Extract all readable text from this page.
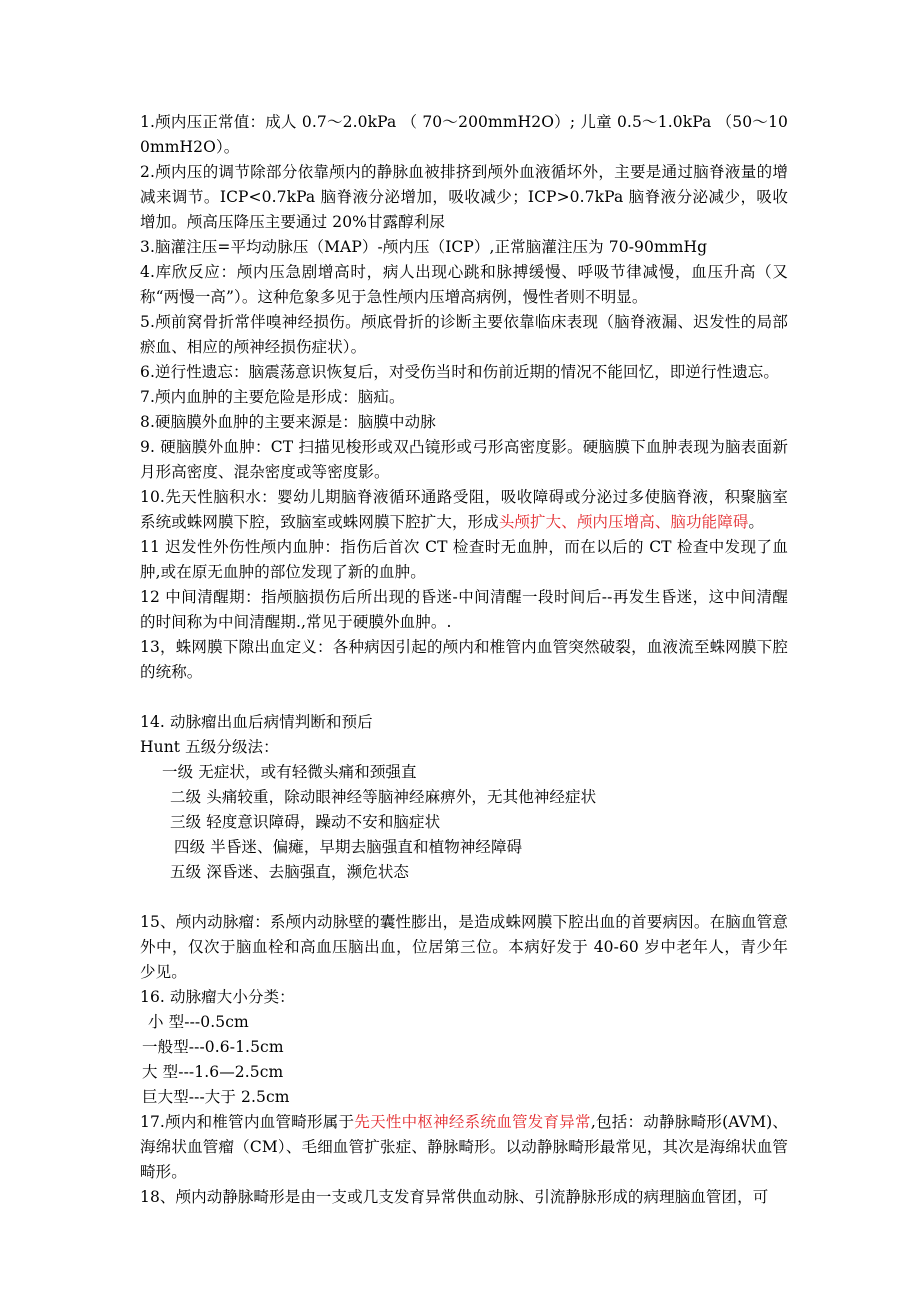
1.颅内压正常值：成人 0.7～2.0kPa （ 70～200mmH2O）; 儿童 0.5～1.0kPa （50～100mmH2O）。

2.颅内压的调节除部分依靠颅内的静脉血被排挤到颅外血液循坏外，主要是通过脑脊液量的增减来调节。ICP<0.7kPa 脑脊液分泌增加，吸收减少；ICP>0.7kPa 脑脊液分泌减少，吸收增加。颅高压降压主要通过 20%甘露醇利尿

3.脑灌注压=平均动脉压（MAP）-颅内压（ICP）,正常脑灌注压为 70-90mmHg

4.库欣反应：颅内压急剧增高时，病人出现心跳和脉搏缓慢、呼吸节律减慢，血压升高（又称“两慢一高”）。这种危象多见于急性颅内压增高病例，慢性者则不明显。

5.颅前窝骨折常伴嗅神经损伤。颅底骨折的诊断主要依靠临床表现（脑脊液漏、迟发性的局部瘀血、相应的颅神经损伤症状）。

6.逆行性遗忘：脑震荡意识恢复后，对受伤当时和伤前近期的情况不能回忆，即逆行性遗忘。

7.颅内血肿的主要危险是形成：脑疝。

8.硬脑膜外血肿的主要来源是：脑膜中动脉

9. 硬脑膜外血肿：CT 扫描见梭形或双凸镜形或弓形高密度影。硬脑膜下血肿表现为脑表面新月形高密度、混杂密度或等密度影。

10.先天性脑积水：婴幼儿期脑脊液循环通路受阻，吸收障碍或分泌过多使脑脊液，积聚脑室系统或蛛网膜下腔，致脑室或蛛网膜下腔扩大，形成头颅扩大、颅内压增高、脑功能障碍。

11 迟发性外伤性颅内血肿：指伤后首次 CT 检查时无血肿，而在以后的 CT 检查中发现了血肿,或在原无血肿的部位发现了新的血肿。

12 中间清醒期：指颅脑损伤后所出现的昏迷-中间清醒一段时间后--再发生昏迷，这中间清醒的时间称为中间清醒期.,常见于硬膜外血肿。.

13，蛛网膜下隙出血定义：各种病因引起的颅内和椎管内血管突然破裂，血液流至蛛网膜下腔的统称。

14. 动脉瘤出血后病情判断和预后

Hunt 五级分级法：

一级 无症状，或有轻微头痛和颈强直

二级 头痛较重，除动眼神经等脑神经麻痹外，无其他神经症状

三级 轻度意识障碍，躁动不安和脑症状

四级 半昏迷、偏瘫，早期去脑强直和植物神经障碍

五级 深昏迷、去脑强直，濒危状态

15、颅内动脉瘤：系颅内动脉壁的囊性膨出，是造成蛛网膜下腔出血的首要病因。在脑血管意外中，仅次于脑血栓和高血压脑出血，位居第三位。本病好发于 40-60 岁中老年人，青少年少见。

16. 动脉瘤大小分类：

小 型---0.5cm

一般型---0.6-1.5cm

大 型---1.6—2.5cm

巨大型---大于 2.5cm

17.颅内和椎管内血管畸形属于先天性中枢神经系统血管发育异常,包括：动静脉畸形(AVM)、海绵状血管瘤（CM）、毛细血管扩张症、静脉畸形。以动静脉畸形最常见，其次是海绵状血管畸形。

18、颅内动静脉畸形是由一支或几支发育异常供血动脉、引流静脉形成的病理脑血管团，可
